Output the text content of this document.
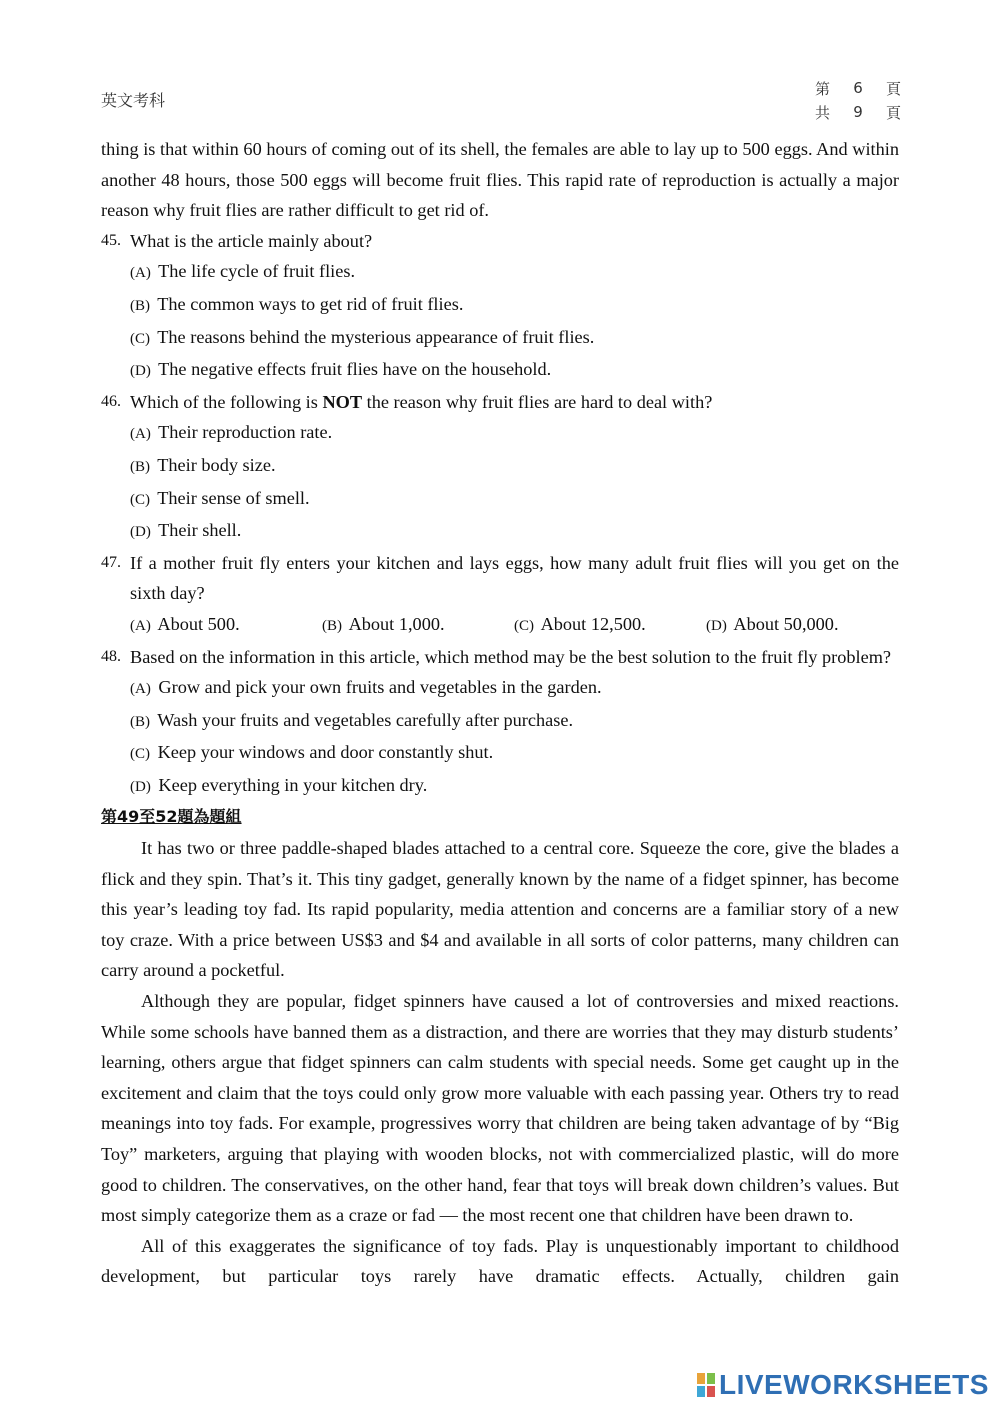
英文考科
第 6 頁
共 9 頁

thing is that within 60 hours of coming out of its shell, the females are able to lay up to 500 eggs. And within another 48 hours, those 500 eggs will become fruit flies. This rapid rate of reproduction is actually a major reason why fruit flies are rather difficult to get rid of.

45. What is the article mainly about?
(A) The life cycle of fruit flies.
(B) The common ways to get rid of fruit flies.
(C) The reasons behind the mysterious appearance of fruit flies.
(D) The negative effects fruit flies have on the household.
46. Which of the following is NOT the reason why fruit flies are hard to deal with?
(A) Their reproduction rate.
(B) Their body size.
(C) Their sense of smell.
(D) Their shell.
47. If a mother fruit fly enters your kitchen and lays eggs, how many adult fruit flies will you get on the sixth day?
(A) About 500.	(B) About 1,000.	(C) About 12,500.	(D) About 50,000.
48. Based on the information in this article, which method may be the best solution to the fruit fly problem?
(A) Grow and pick your own fruits and vegetables in the garden.
(B) Wash your fruits and vegetables carefully after purchase.
(C) Keep your windows and door constantly shut.
(D) Keep everything in your kitchen dry.
第49至52題為題組

It has two or three paddle-shaped blades attached to a central core. Squeeze the core, give the blades a flick and they spin. That’s it. This tiny gadget, generally known by the name of a fidget spinner, has become this year’s leading toy fad. Its rapid popularity, media attention and concerns are a familiar story of a new toy craze. With a price between US$3 and $4 and available in all sorts of color patterns, many children can carry around a pocketful.

Although they are popular, fidget spinners have caused a lot of controversies and mixed reactions. While some schools have banned them as a distraction, and there are worries that they may disturb students’ learning, others argue that fidget spinners can calm students with special needs. Some get caught up in the excitement and claim that the toys could only grow more valuable with each passing year. Others try to read meanings into toy fads. For example, progressives worry that children are being taken advantage of by “Big Toy” marketers, arguing that playing with wooden blocks, not with commercialized plastic, will do more good to children. The conservatives, on the other hand, fear that toys will break down children’s values. But most simply categorize them as a craze or fad — the most recent one that children have been drawn to.

All of this exaggerates the significance of toy fads. Play is unquestionably important to childhood development, but particular toys rarely have dramatic effects. Actually, children gain

LIVEWORKSHEETS
